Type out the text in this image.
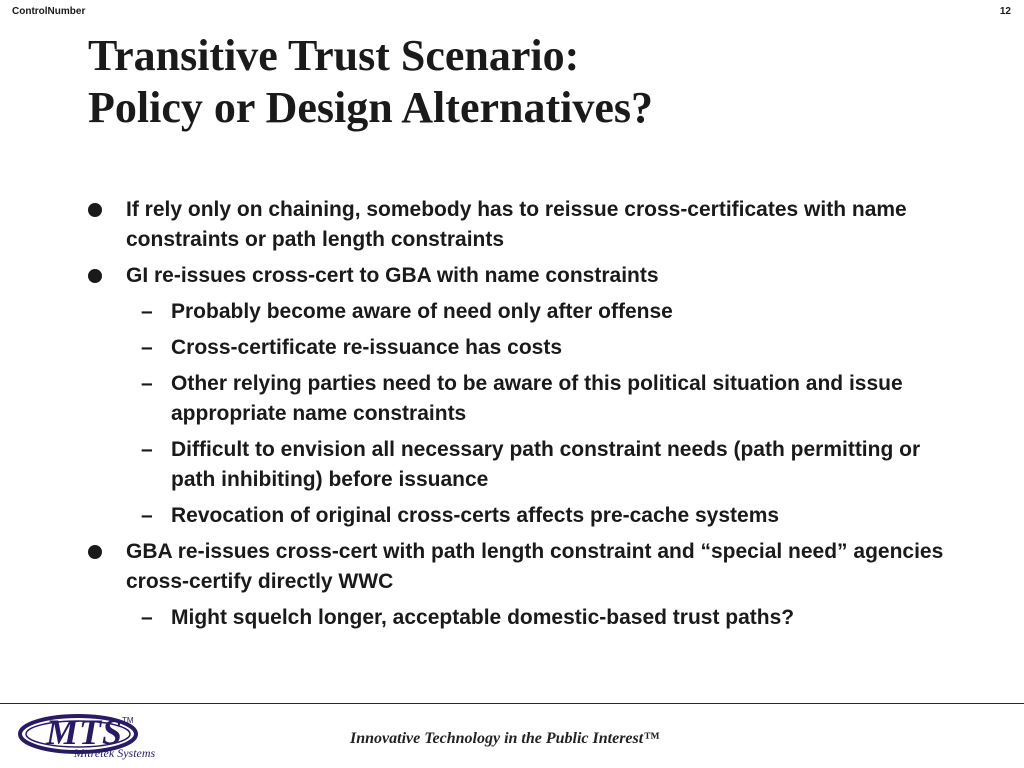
ControlNumber	12
Transitive Trust Scenario:
Policy or Design Alternatives?
If rely only on chaining, somebody has to reissue cross-certificates with name constraints or path length constraints
GI re-issues cross-cert to GBA with name constraints
– Probably become aware of need only after offense
– Cross-certificate re-issuance has costs
– Other relying parties need to be aware of this political situation and issue appropriate name constraints
– Difficult to envision all necessary path constraint needs (path permitting or path inhibiting) before issuance
– Revocation of original cross-certs affects pre-cache systems
GBA re-issues cross-cert with path length constraint and “special need” agencies cross-certify directly WWC
– Might squelch longer, acceptable domestic-based trust paths?
MTS
TM
Mitretek Systems
Innovative Technology in the Public Interest™
